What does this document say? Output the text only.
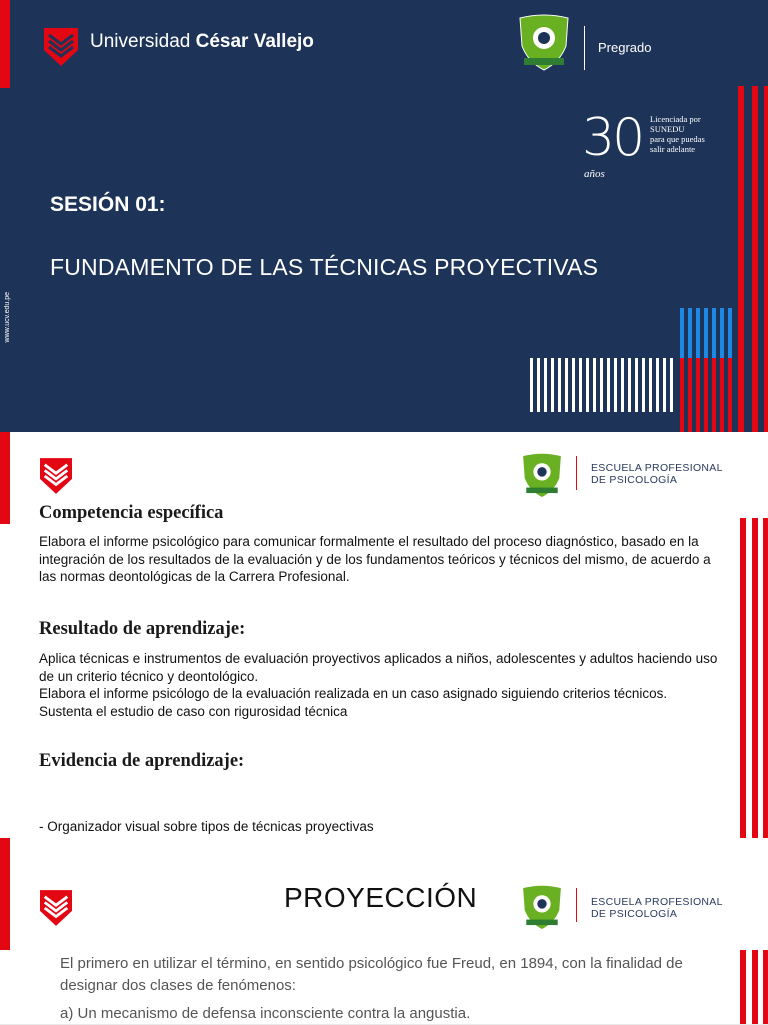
Universidad César Vallejo	Pregrado
30
años
Licenciada por
SUNEDU
para que puedas
salir adelante
SESIÓN 01:
FUNDAMENTO DE LAS TÉCNICAS PROYECTIVAS
www.ucv.edu.pe
ESCUELA PROFESIONAL
DE PSICOLOGÍA
Competencia específica
Elabora el informe psicológico para comunicar formalmente el resultado del proceso diagnóstico, basado en la integración de los resultados de la evaluación y de los fundamentos teóricos y técnicos del mismo, de acuerdo a las normas deontológicas de la Carrera Profesional.
Resultado de aprendizaje:
Aplica técnicas e instrumentos de evaluación proyectivos aplicados a niños, adolescentes y adultos haciendo uso de un criterio técnico y deontológico.
Elabora el informe psicólogo de la evaluación realizada en un caso asignado siguiendo criterios técnicos.
Sustenta el estudio de caso con rigurosidad técnica
Evidencia de aprendizaje:

- Organizador visual sobre tipos de técnicas proyectivas

PROYECCIÓN	ESCUELA PROFESIONAL
DE PSICOLOGÍA
El primero en utilizar el término, en sentido psicológico fue Freud, en 1894, con la finalidad de designar dos clases de fenómenos:
a) Un mecanismo de defensa inconsciente contra la angustia.
